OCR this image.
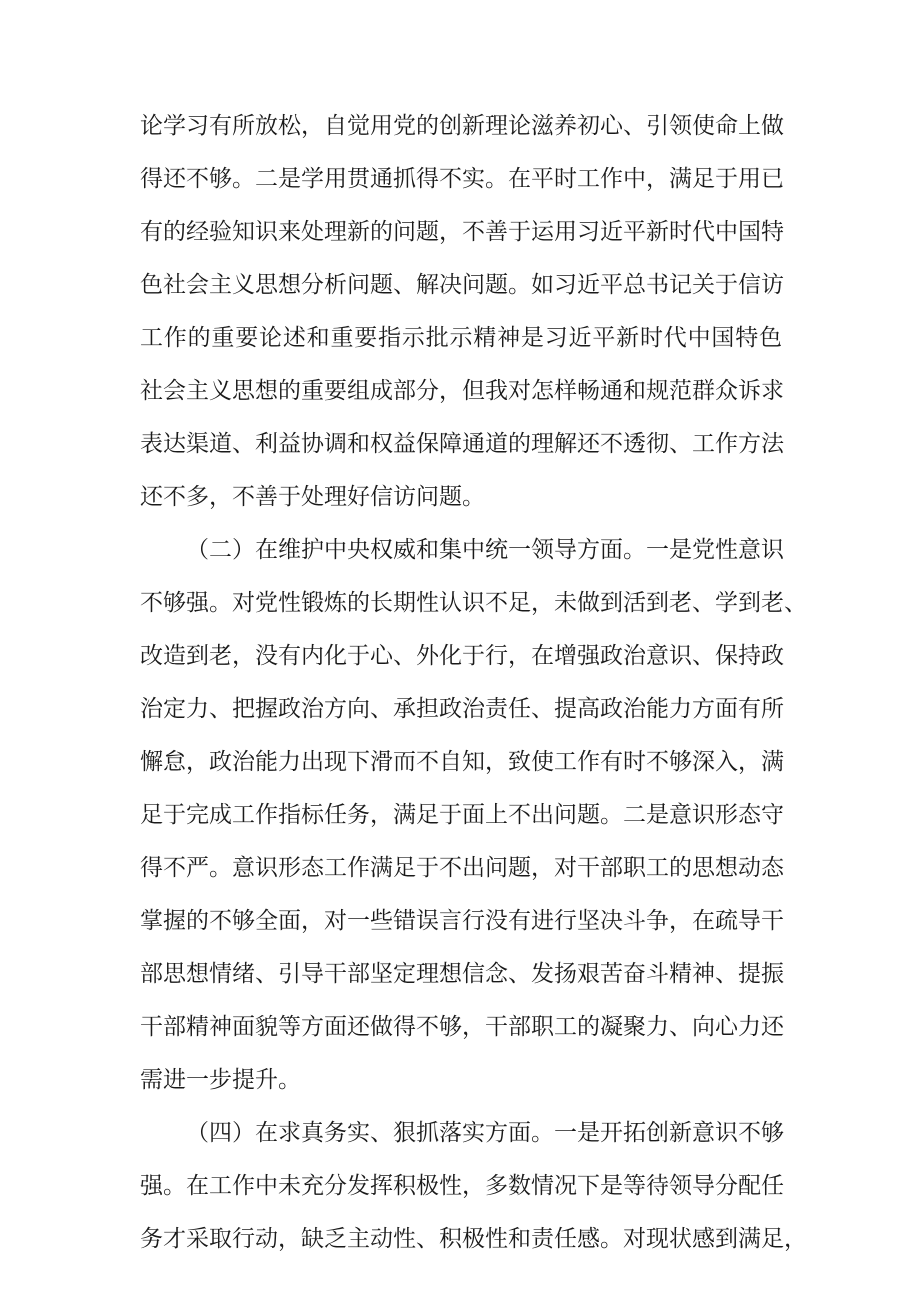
论学习有所放松，自觉用党的创新理论滋养初心、引领使命上做
得还不够。二是学用贯通抓得不实。在平时工作中，满足于用已
有的经验知识来处理新的问题，不善于运用习近平新时代中国特
色社会主义思想分析问题、解决问题。如习近平总书记关于信访
工作的重要论述和重要指示批示精神是习近平新时代中国特色
社会主义思想的重要组成部分，但我对怎样畅通和规范群众诉求
表达渠道、利益协调和权益保障通道的理解还不透彻、工作方法
还不多，不善于处理好信访问题。
（二）在维护中央权威和集中统一领导方面。一是党性意识
不够强。对党性锻炼的长期性认识不足，未做到活到老、学到老、
改造到老，没有内化于心、外化于行，在增强政治意识、保持政
治定力、把握政治方向、承担政治责任、提高政治能力方面有所
懈怠，政治能力出现下滑而不自知，致使工作有时不够深入，满
足于完成工作指标任务，满足于面上不出问题。二是意识形态守
得不严。意识形态工作满足于不出问题，对干部职工的思想动态
掌握的不够全面，对一些错误言行没有进行坚决斗争，在疏导干
部思想情绪、引导干部坚定理想信念、发扬艰苦奋斗精神、提振
干部精神面貌等方面还做得不够，干部职工的凝聚力、向心力还
需进一步提升。
（四）在求真务实、狠抓落实方面。一是开拓创新意识不够
强。在工作中未充分发挥积极性，多数情况下是等待领导分配任
务才采取行动，缺乏主动性、积极性和责任感。对现状感到满足，
